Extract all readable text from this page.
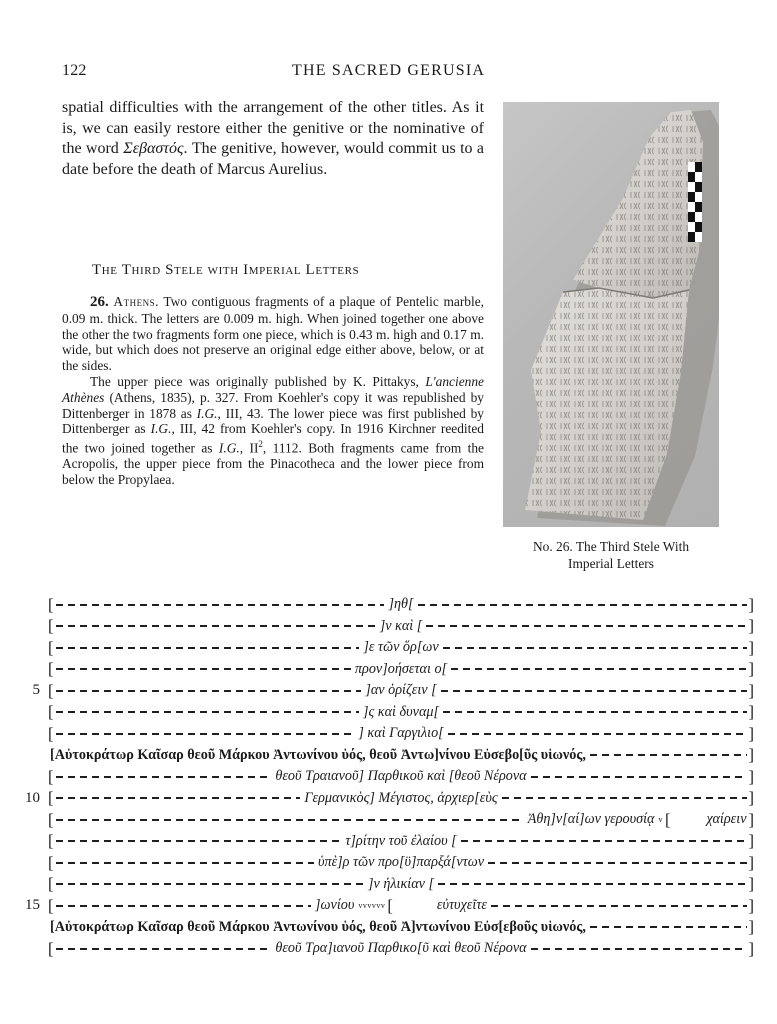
122	THE SACRED GERUSIA

spatial difficulties with the arrangement of the other titles. As it is, we can easily restore either the genitive or the nominative of the word Σεβαστός. The genitive, however, would commit us to a date before the death of Marcus Aurelius.

The Third Stele with Imperial Letters

26. Athens. Two contiguous fragments of a plaque of Pentelic marble, 0.09 m. thick. The letters are 0.009 m. high. When joined together one above the other the two fragments form one piece, which is 0.43 m. high and 0.17 m. wide, but which does not preserve an original edge either above, below, or at the sides.

The upper piece was originally published by K. Pittakys, L'ancienne Athènes (Athens, 1835), p. 327. From Koehler's copy it was republished by Dittenberger in 1878 as I.G., III, 43. The lower piece was first published by Dittenberger as I.G., III, 42 from Koehler's copy. In 1916 Kirchner reedited the two joined together as I.G., $II^2$, 1112. Both fragments came from the Acropolis, the upper piece from the Pinacotheca and the lower piece from below the Propylaea.

No. 26. The Third Stele With
Imperial Letters
[	]ηθ[	]
[	]ν καὶ [	]
[	]ε τῶν ὅρ[ων	]
[	προν]οήσεται ο[	]
5 [	]αν ὁρίζειν [	]
[	]ς καὶ δυναμ[	]
[	] καὶ Γαργιλιο[	]
[Αὐτοκράτωρ Καῖσαρ θεοῦ Μάρκου Ἀντωνίνου ὑός, θεοῦ Ἀντω]νίνου Εὐσεβο[ῦς υἱωνός,	]
[	θεοῦ Τραιανοῦ] Παρθικοῦ καὶ [θεοῦ Νέρονα	]
10 [	Γερμανικὸς] Μέγιστος, ἀρχιερ[εὺς	]
[	Ἀθη]ν[αί]ων γερουσίᾳ v [	χαίρειν ]
[	τ]ρίτην τοῦ ἐλαίου [	]
[	ὑπὲ]ρ τῶν προ[ϋ]παρξά[ντων	]
[	]ν ἡλικίαν [	]
15 [	]ωνίου vvvvvv [	εὐτυχεῖτε	]
[Αὐτοκράτωρ Καῖσαρ θεοῦ Μάρκου Ἀντωνίνου ὑός, θεοῦ Ἀ]ντωνίνου Εὐσ[εβοῦς υἱωνός,	]
[	θεοῦ Τρα]ιανοῦ Παρθικο[ῦ καὶ θεοῦ Νέρονα	]
